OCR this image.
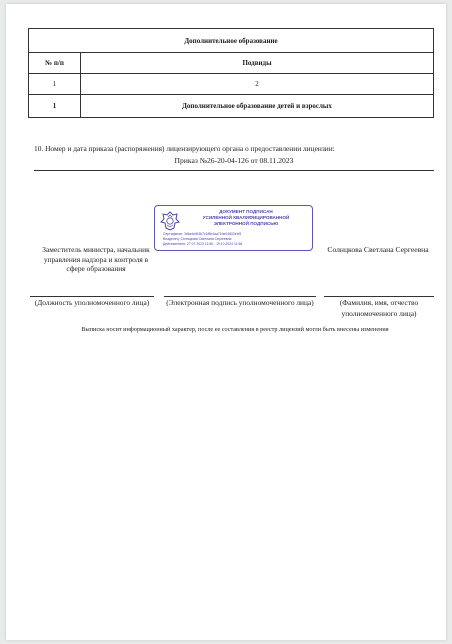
Дополнительное образование	
№ п/п	Подвиды
1	2
1	Дополнительное образование детей и взрослых
10. Номер и дата приказа (распоряжения) лицензирующего органа о предоставлении лицензии:
Приказ №26-20-04-126 от 08.11.2023
ДОКУМЕНТ ПОДПИСАН
УСИЛЕННОЙ КВАЛИФИЦИРОВАННОЙ
ЭЛЕКТРОННОЙ ПОДПИСЬЮ
Сертификат: 3dbe4d4f3b7c1f5b4aa71be04802ebf1
Владелец: Солнцкова Светлана Сергеевна
Действителен: 27.07.2023 11:56 - 19.10.2024 11:56
Заместитель министра, начальник управления надзора и контроля в сфере образования
Солнцкова Светлана Сергеевна
(Должность уполномоченного лица)	(Электронная подпись уполномоченного лица)	(Фамилия, имя, отчество уполномоченного лица)
Выписка носит информационный характер, после ее составления в реестр лицензий могли быть внесены изменения
